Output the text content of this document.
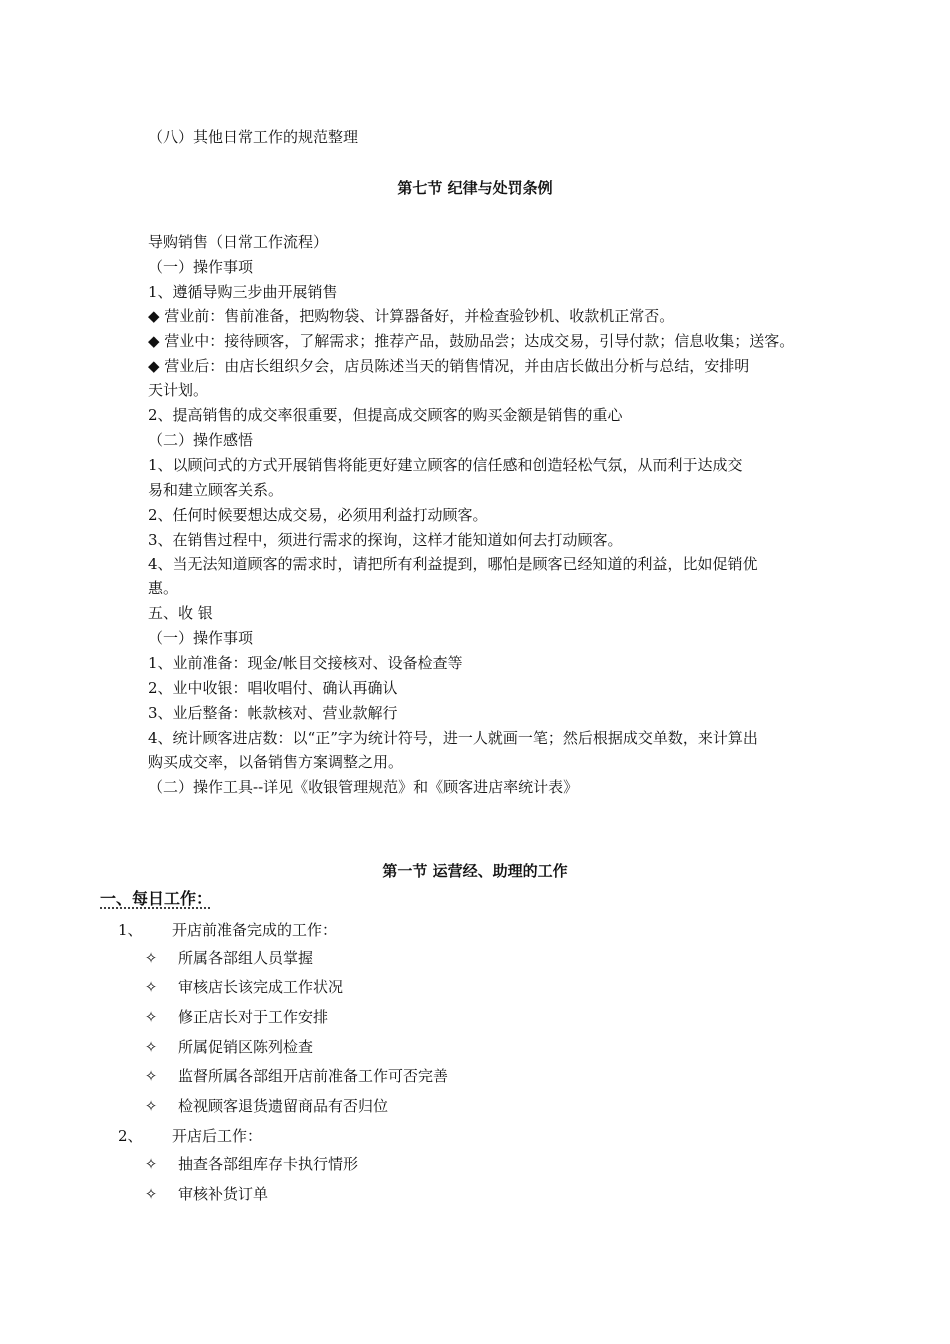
（八）其他日常工作的规范整理
第七节 纪律与处罚条例
导购销售（日常工作流程）
（一）操作事项
1、遵循导购三步曲开展销售
◆ 营业前：售前准备，把购物袋、计算器备好，并检查验钞机、收款机正常否。
◆ 营业中：接待顾客，了解需求；推荐产品，鼓励品尝；达成交易，引导付款；信息收集；送客。
◆ 营业后：由店长组织夕会，店员陈述当天的销售情况，并由店长做出分析与总结，安排明
天计划。
2、提高销售的成交率很重要，但提高成交顾客的购买金额是销售的重心
（二）操作感悟
1、以顾问式的方式开展销售将能更好建立顾客的信任感和创造轻松气氛，从而利于达成交
易和建立顾客关系。
2、任何时候要想达成交易，必须用利益打动顾客。
3、在销售过程中，须进行需求的探询，这样才能知道如何去打动顾客。
4、当无法知道顾客的需求时，请把所有利益提到，哪怕是顾客已经知道的利益，比如促销优
惠。
五、收 银
（一）操作事项
1、业前准备：现金/帐目交接核对、设备检查等
2、业中收银：唱收唱付、确认再确认
3、业后整备：帐款核对、营业款解行
4、统计顾客进店数：以“正”字为统计符号，进一人就画一笔；然后根据成交单数，来计算出
购买成交率，以备销售方案调整之用。
（二）操作工具--详见《收银管理规范》和《顾客进店率统计表》
第一节 运营经、助理的工作
一、每日工作：
1、 开店前准备完成的工作：
✧ 所属各部组人员掌握
✧ 审核店长该完成工作状况
✧ 修正店长对于工作安排
✧ 所属促销区陈列检查
✧ 监督所属各部组开店前准备工作可否完善
✧ 检视顾客退货遗留商品有否归位
2、 开店后工作：
✧ 抽查各部组库存卡执行情形
✧ 审核补货订单
